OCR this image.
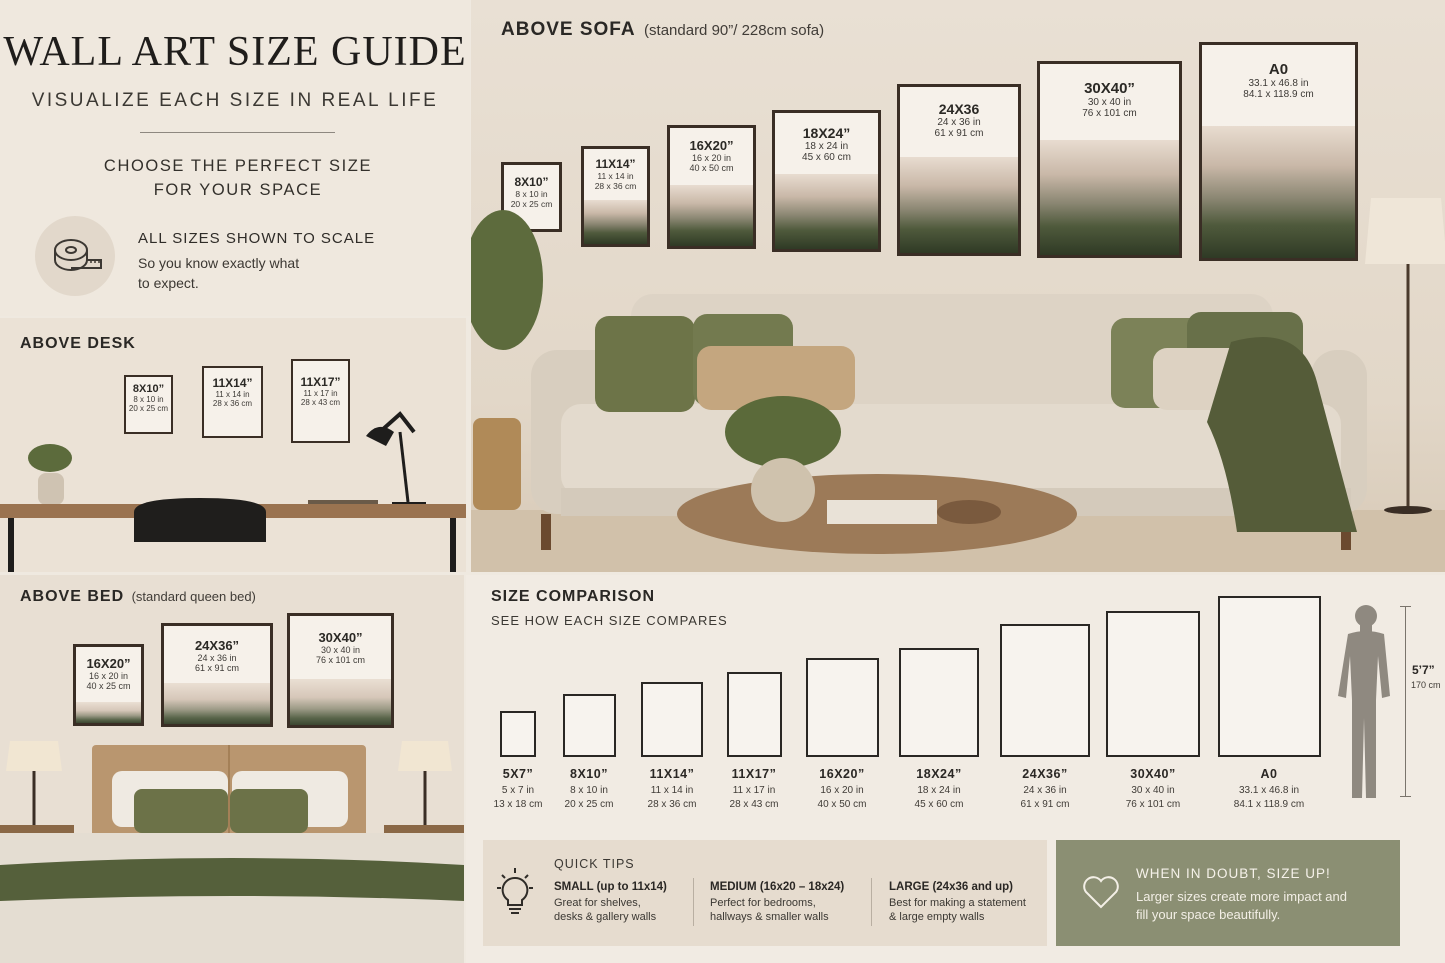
WALL ART SIZE GUIDE
VISUALIZE EACH SIZE IN REAL LIFE
CHOOSE THE PERFECT SIZE
FOR YOUR SPACE
ALL SIZES SHOWN TO SCALE
So you know exactly what
to expect.
ABOVE DESK
8X10”
8 x 10 in
20 x 25 cm
11X14”
11 x 14 in
28 x 36 cm
11X17”
11 x 17 in
28 x 43 cm
ABOVE SOFA (standard 90”/ 228cm sofa)
8X10”
8 x 10 in
20 x 25 cm
11X14”
11 x 14 in
28 x 36 cm
16X20”
16 x 20 in
40 x 50 cm
18X24”
18 x 24 in
45 x 60 cm
24X36
24 x 36 in
61 x 91 cm
30X40”
30 x 40 in
76 x 101 cm
A0
33.1 x 46.8 in
84.1 x 118.9 cm
ABOVE BED (standard queen bed)
16X20”
16 x 20 in
40 x 25 cm
24X36”
24 x 36 in
61 x 91 cm
30X40”
30 x 40 in
76 x 101 cm
SIZE COMPARISON
SEE HOW EACH SIZE COMPARES
5X7”
5 x 7 in
13 x 18 cm
8X10”
8 x 10 in
20 x 25 cm
11X14”
11 x 14 in
28 x 36 cm
11X17”
11 x 17 in
28 x 43 cm
16X20”
16 x 20 in
40 x 50 cm
18X24”
18 x 24 in
45 x 60 cm
24X36”
24 x 36 in
61 x 91 cm
30X40”
30 x 40 in
76 x 101 cm
A0
33.1 x 46.8 in
84.1 x 118.9 cm
5’7”
170 cm
QUICK TIPS
SMALL (up to 11x14)
Great for shelves,
desks & gallery walls
MEDIUM (16x20 – 18x24)
Perfect for bedrooms,
hallways & smaller walls
LARGE (24x36 and up)
Best for making a statement
& large empty walls
WHEN IN DOUBT, SIZE UP!
Larger sizes create more impact and
fill your space beautifully.
